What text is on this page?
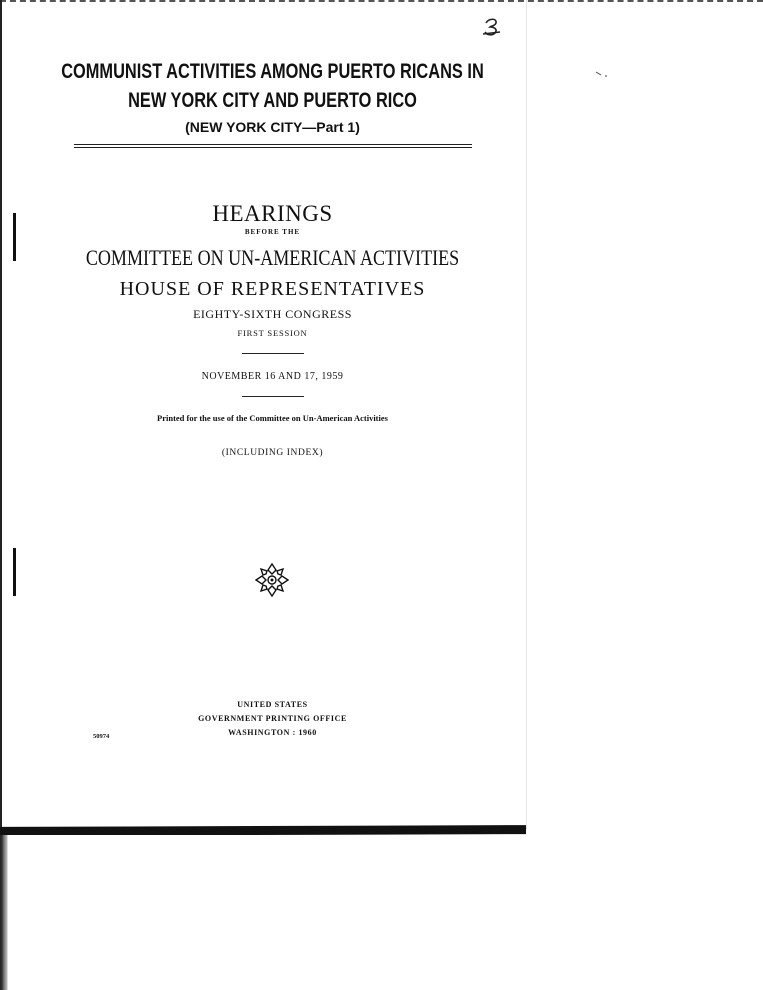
COMMUNIST ACTIVITIES AMONG PUERTO RICANS IN
NEW YORK CITY AND PUERTO RICO
(NEW YORK CITY—Part 1)
HEARINGS
BEFORE THE
COMMITTEE ON UN-AMERICAN ACTIVITIES
HOUSE OF REPRESENTATIVES
EIGHTY-SIXTH CONGRESS
FIRST SESSION
NOVEMBER 16 AND 17, 1959
Printed for the use of the Committee on Un-American Activities
(INCLUDING INDEX)
UNITED STATES
GOVERNMENT PRINTING OFFICE
WASHINGTON : 1960
50974
